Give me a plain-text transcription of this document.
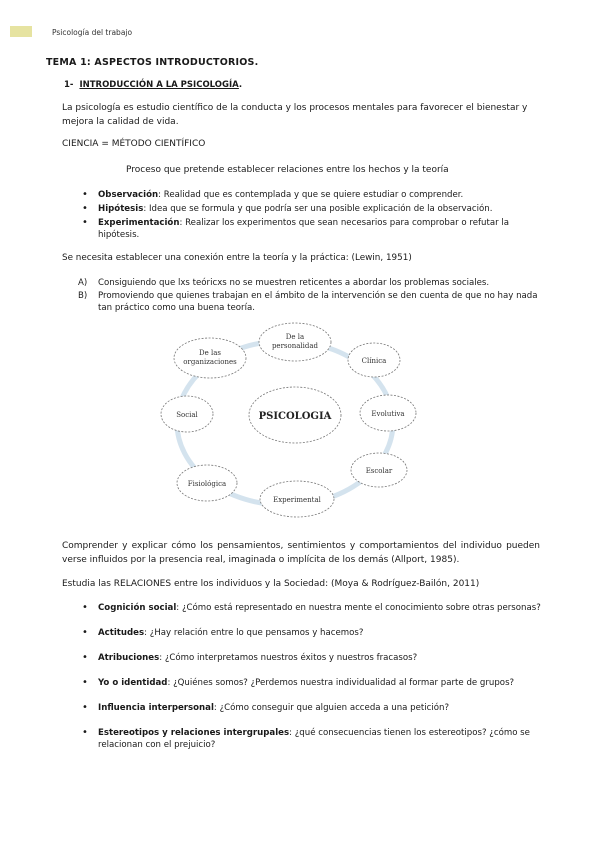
Psicología del trabajo
TEMA 1: ASPECTOS INTRODUCTORIOS.
1- INTRODUCCIÓN A LA PSICOLOGÍA.
La psicología es estudio científico de la conducta y los procesos mentales para favorecer el bienestar y mejora la calidad de vida.
CIENCIA = MÉTODO CIENTÍFICO
Proceso que pretende establecer relaciones entre los hechos y la teoría
• Observación: Realidad que es contemplada y que se quiere estudiar o comprender.
• Hipótesis: Idea que se formula y que podría ser una posible explicación de la observación.
• Experimentación: Realizar los experimentos que sean necesarios para comprobar o refutar la hipótesis.
Se necesita establecer una conexión entre la teoría y la práctica: (Lewin, 1951)
A) Consiguiendo que lxs teóricxs no se muestren reticentes a abordar los problemas sociales.
B) Promoviendo que quienes trabajan en el ámbito de la intervención se den cuenta de que no hay nada tan práctico como una buena teoría.
De la
personalidad
Clínica
Evolutiva
Escolar
Experimental
Fisiológica
Social
De las
organizaciones
PSICOLOGIA
Comprender y explicar cómo los pensamientos, sentimientos y comportamientos del individuo pueden verse influidos por la presencia real, imaginada o implícita de los demás (Allport, 1985).
Estudia las RELACIONES entre los individuos y la Sociedad: (Moya & Rodríguez-Bailón, 2011)
• Cognición social: ¿Cómo está representado en nuestra mente el conocimiento sobre otras personas?
• Actitudes: ¿Hay relación entre lo que pensamos y hacemos?
• Atribuciones: ¿Cómo interpretamos nuestros éxitos y nuestros fracasos?
• Yo o identidad: ¿Quiénes somos? ¿Perdemos nuestra individualidad al formar parte de grupos?
• Influencia interpersonal: ¿Cómo conseguir que alguien acceda a una petición?
• Estereotipos y relaciones intergrupales: ¿qué consecuencias tienen los estereotipos? ¿cómo se relacionan con el prejuicio?
